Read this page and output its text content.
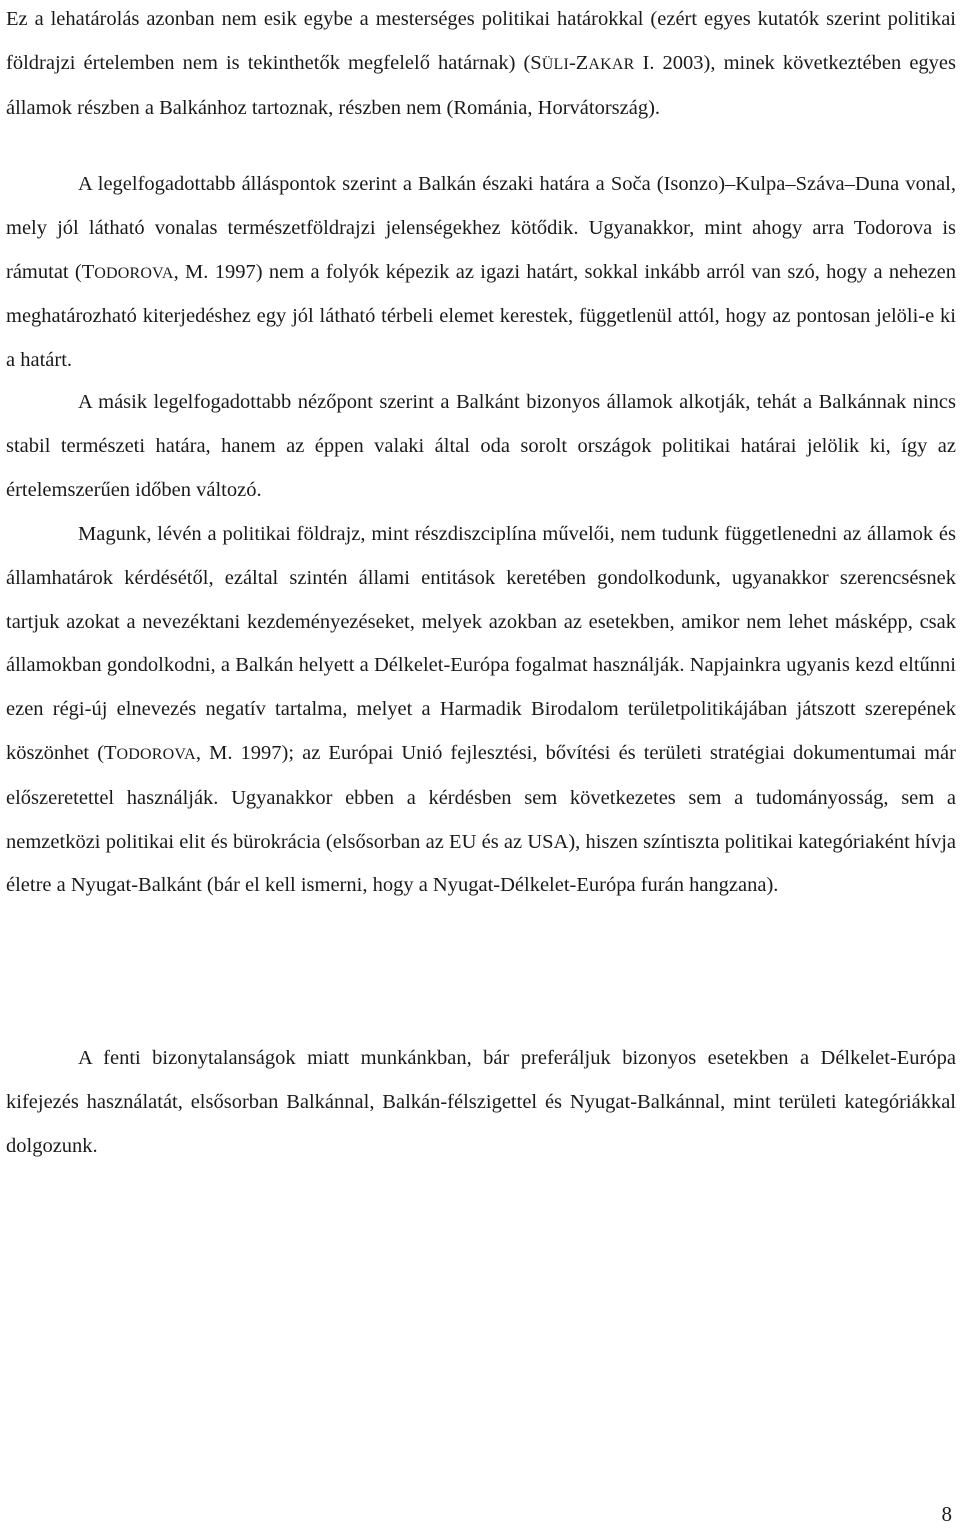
Ez a lehatárolás azonban nem esik egybe a mesterséges politikai határokkal (ezért egyes kutatók szerint politikai földrajzi értelemben nem is tekinthetők megfelelő határnak) (SÜLI-ZAKAR I. 2003), minek következtében egyes államok részben a Balkánhoz tartoznak, részben nem (Románia, Horvátország).

A legelfogadottabb álláspontok szerint a Balkán északi határa a Soča (Isonzo)–Kulpa–Száva–Duna vonal, mely jól látható vonalas természetföldrajzi jelenségekhez kötődik. Ugyanakkor, mint ahogy arra Todorova is rámutat (TODOROVA, M. 1997) nem a folyók képezik az igazi határt, sokkal inkább arról van szó, hogy a nehezen meghatározható kiterjedéshez egy jól látható térbeli elemet kerestek, függetlenül attól, hogy az pontosan jelöli-e ki a határt.

A másik legelfogadottabb nézőpont szerint a Balkánt bizonyos államok alkotják, tehát a Balkánnak nincs stabil természeti határa, hanem az éppen valaki által oda sorolt országok politikai határai jelölik ki, így az értelemszerűen időben változó.

Magunk, lévén a politikai földrajz, mint részdiszciplína művelői, nem tudunk függetlenedni az államok és államhatárok kérdésétől, ezáltal szintén állami entitások keretében gondolkodunk, ugyanakkor szerencsésnek tartjuk azokat a nevezéktani kezdeményezéseket, melyek azokban az esetekben, amikor nem lehet másképp, csak államokban gondolkodni, a Balkán helyett a Délkelet-Európa fogalmat használják. Napjainkra ugyanis kezd eltűnni ezen régi-új elnevezés negatív tartalma, melyet a Harmadik Birodalom területpolitikájában játszott szerepének köszönhet (TODOROVA, M. 1997); az Európai Unió fejlesztési, bővítési és területi stratégiai dokumentumai már előszeretettel használják. Ugyanakkor ebben a kérdésben sem következetes sem a tudományosság, sem a nemzetközi politikai elit és bürokrácia (elsősorban az EU és az USA), hiszen színtiszta politikai kategóriaként hívja életre a Nyugat-Balkánt (bár el kell ismerni, hogy a Nyugat-Délkelet-Európa furán hangzana).

A fenti bizonytalanságok miatt munkánkban, bár preferáljuk bizonyos esetekben a Délkelet-Európa kifejezés használatát, elsősorban Balkánnal, Balkán-félszigettel és Nyugat-Balkánnal, mint területi kategóriákkal dolgozunk.

8
